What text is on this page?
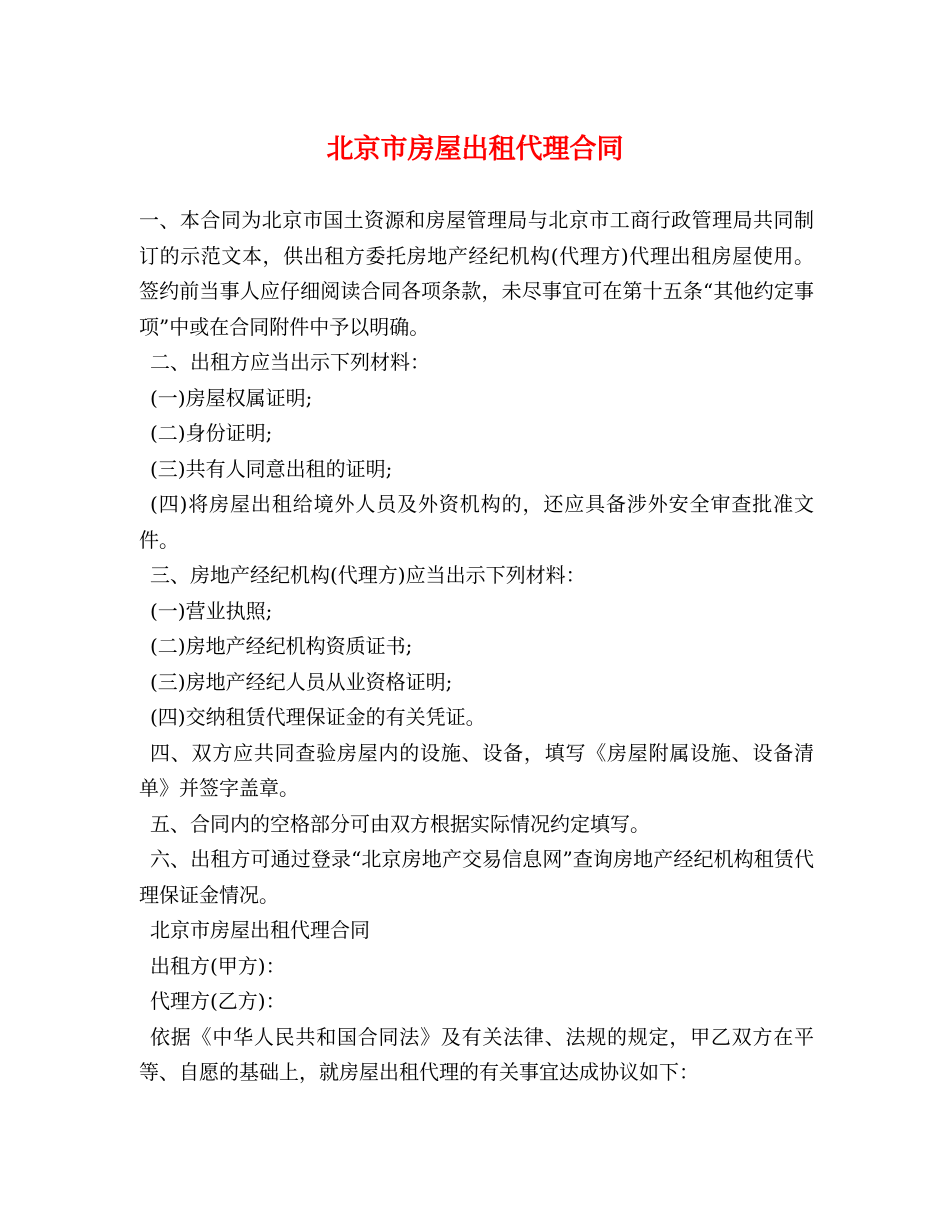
北京市房屋出租代理合同

一、本合同为北京市国土资源和房屋管理局与北京市工商行政管理局共同制订的示范文本，供出租方委托房地产经纪机构(代理方)代理出租房屋使用。签约前当事人应仔细阅读合同各项条款，未尽事宜可在第十五条“其他约定事项”中或在合同附件中予以明确。

二、出租方应当出示下列材料：

(一)房屋权属证明;

(二)身份证明;

(三)共有人同意出租的证明;

(四)将房屋出租给境外人员及外资机构的，还应具备涉外安全审查批准文件。

三、房地产经纪机构(代理方)应当出示下列材料：

(一)营业执照;

(二)房地产经纪机构资质证书;

(三)房地产经纪人员从业资格证明;

(四)交纳租赁代理保证金的有关凭证。

四、双方应共同查验房屋内的设施、设备，填写《房屋附属设施、设备清单》并签字盖章。

五、合同内的空格部分可由双方根据实际情况约定填写。

六、出租方可通过登录“北京房地产交易信息网”查询房地产经纪机构租赁代理保证金情况。

北京市房屋出租代理合同

出租方(甲方)：

代理方(乙方)：

依据《中华人民共和国合同法》及有关法律、法规的规定，甲乙双方在平等、自愿的基础上，就房屋出租代理的有关事宜达成协议如下：
